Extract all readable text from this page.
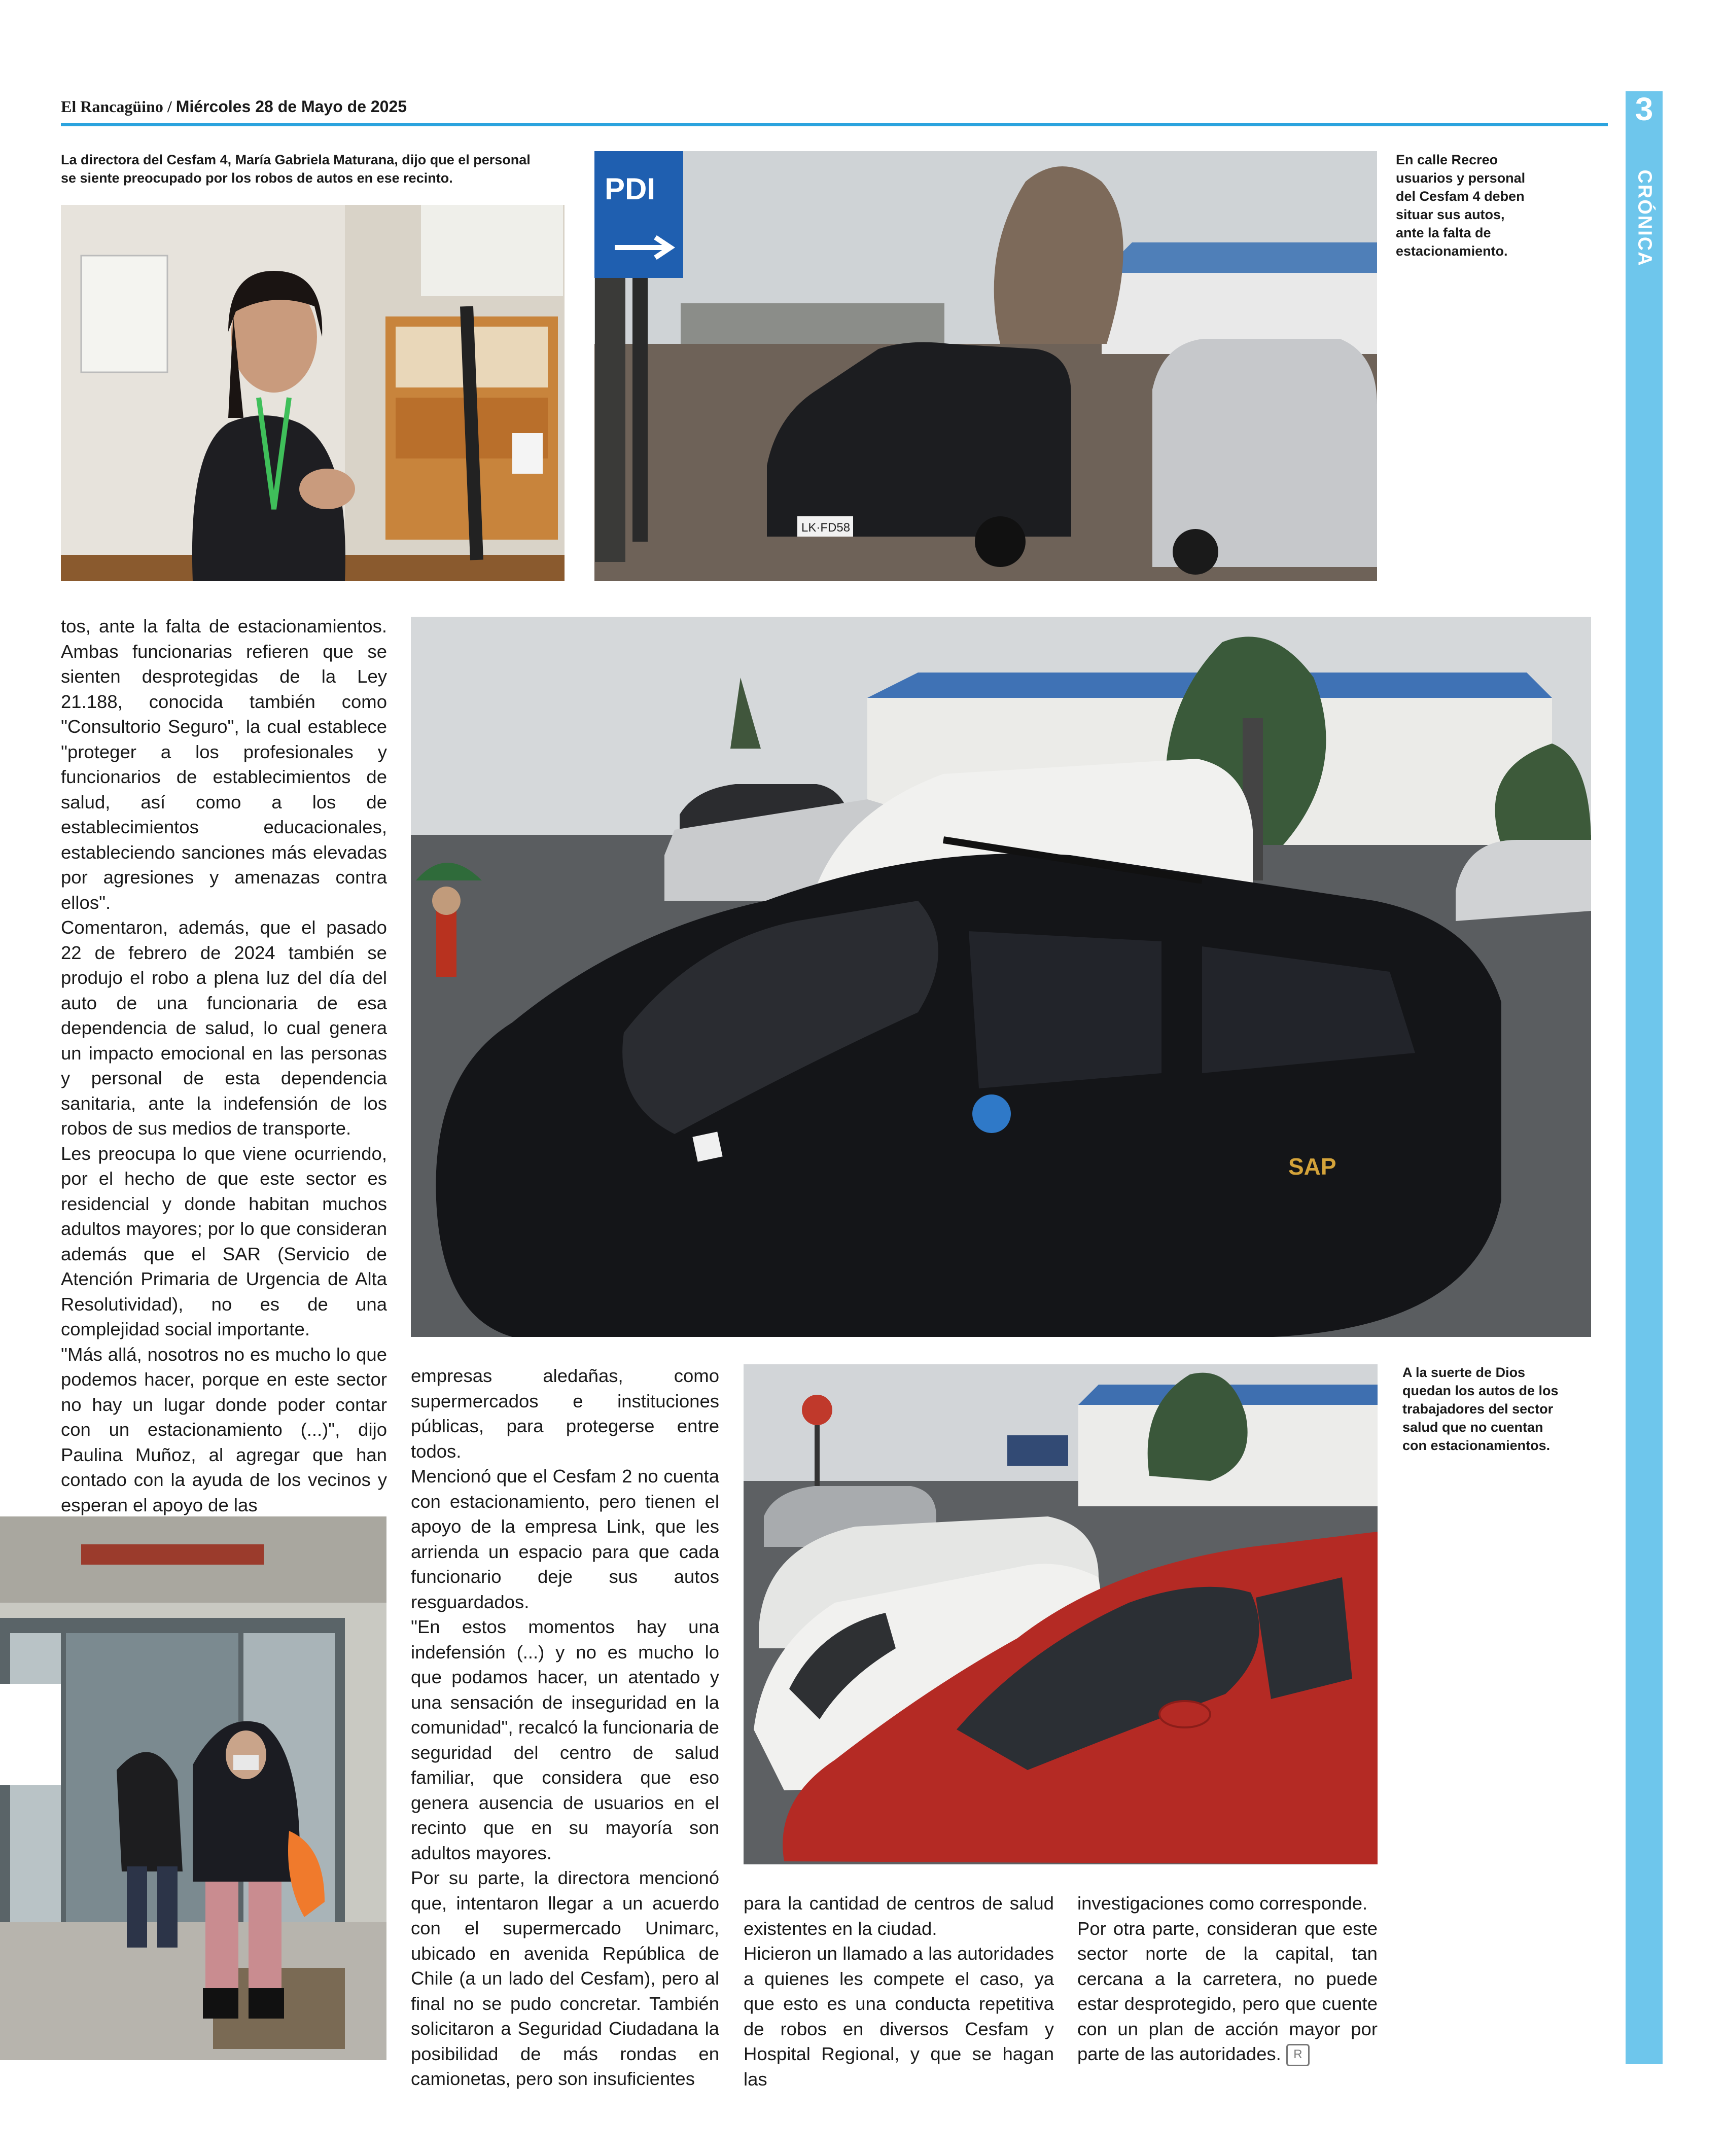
El Rancagüino / Miércoles 28 de Mayo de 2025	3
CRÓNICA
La directora del Cesfam 4, María Gabriela Maturana, dijo que el personal se siente preocupado por los robos de autos en ese recinto.	PDI
LK·FD58
En calle Recreo usuarios y personal del Cesfam 4 deben situar sus autos, ante la falta de estacionamiento.
SAP

tos, ante la falta de estacionamientos. Ambas funcionarias refieren que se sienten desprotegidas de la Ley 21.188, conocida también como "Consultorio Seguro", la cual establece "proteger a los profesionales y funcionarios de establecimientos de salud, así como a los de establecimientos educacionales, estableciendo sanciones más elevadas por agresiones y amenazas contra ellos".

Comentaron, además, que el pasado 22 de febrero de 2024 también se produjo el robo a plena luz del día del auto de una funcionaria de esa dependencia de salud, lo cual genera un impacto emocional en las personas y personal de esta dependencia sanitaria, ante la indefensión de los robos de sus medios de transporte.

Les preocupa lo que viene ocurriendo, por el hecho de que este sector es residencial y donde habitan muchos adultos mayores; por lo que consideran además que el SAR (Servicio de Atención Primaria de Urgencia de Alta Resolutividad), no es de una complejidad social importante.

"Más allá, nosotros no es mucho lo que podemos hacer, porque en este sector no hay un lugar donde poder contar con un estacionamiento (...)", dijo Paulina Muñoz, al agregar que han contado con la ayuda de los vecinos y esperan el apoyo de las

empresas aledañas, como supermercados e instituciones públicas, para protegerse entre todos.

Mencionó que el Cesfam 2 no cuenta con estacionamiento, pero tienen el apoyo de la empresa Link, que les arrienda un espacio para que cada funcionario deje sus autos resguardados.

"En estos momentos hay una indefensión (...) y no es mucho lo que podamos hacer, un atentado y una sensación de inseguridad en la comunidad", recalcó la funcionaria de seguridad del centro de salud familiar, que considera que eso genera ausencia de usuarios en el recinto que en su mayoría son adultos mayores.

Por su parte, la directora mencionó que, intentaron llegar a un acuerdo con el supermercado Unimarc, ubicado en avenida República de Chile (a un lado del Cesfam), pero al final no se pudo concretar. También solicitaron a Seguridad Ciudadana la posibilidad de más rondas en camionetas, pero son insuficientes

A la suerte de Dios quedan los autos de los trabajadores del sector salud que no cuentan con estacionamientos.

para la cantidad de centros de salud existentes en la ciudad.

Hicieron un llamado a las autoridades a quienes les compete el caso, ya que esto es una conducta repetitiva de robos en diversos Cesfam y Hospital Regional, y que se hagan las

investigaciones como corresponde.

Por otra parte, consideran que este sector norte de la capital, tan cercana a la carretera, no puede estar desprotegido, pero que cuente con un plan de acción mayor por parte de las autoridades. R
